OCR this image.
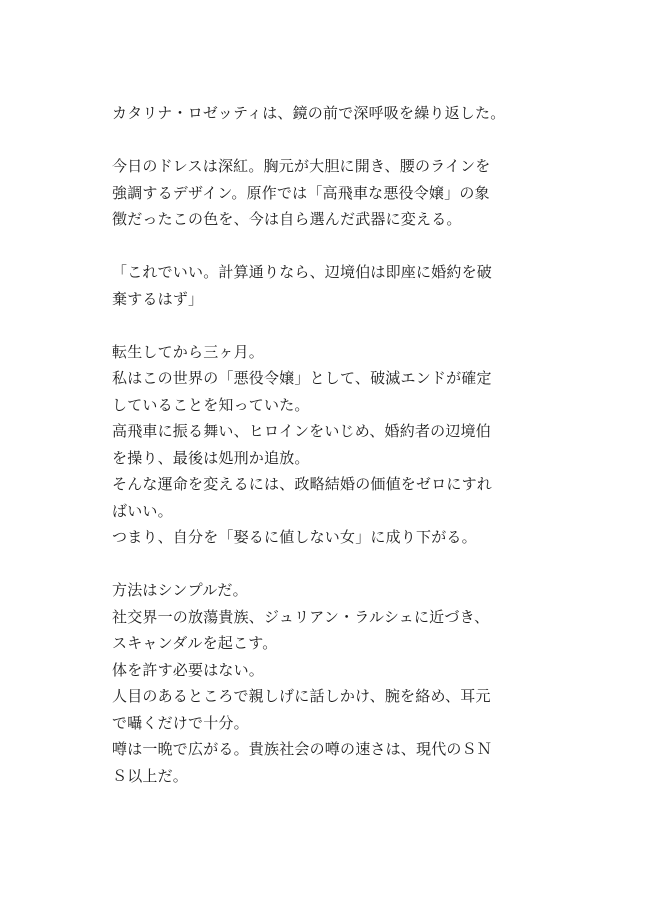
カタリナ・ロゼッティは、鏡の前で深呼吸を繰り返した。
今日のドレスは深紅。胸元が大胆に開き、腰のラインを
強調するデザイン。原作では「高飛車な悪役令嬢」の象
徴だったこの色を、今は自ら選んだ武器に変える。
「これでいい。計算通りなら、辺境伯は即座に婚約を破
棄するはず」
転生してから三ヶ月。
私はこの世界の「悪役令嬢」として、破滅エンドが確定
していることを知っていた。
高飛車に振る舞い、ヒロインをいじめ、婚約者の辺境伯
を操り、最後は処刑か追放。
そんな運命を変えるには、政略結婚の価値をゼロにすれ
ばいい。
つまり、自分を「娶るに値しない女」に成り下がる。
方法はシンプルだ。
社交界一の放蕩貴族、ジュリアン・ラルシェに近づき、
スキャンダルを起こす。
体を許す必要はない。
人目のあるところで親しげに話しかけ、腕を絡め、耳元
で囁くだけで十分。
噂は一晩で広がる。貴族社会の噂の速さは、現代のＳＮ
Ｓ以上だ。
